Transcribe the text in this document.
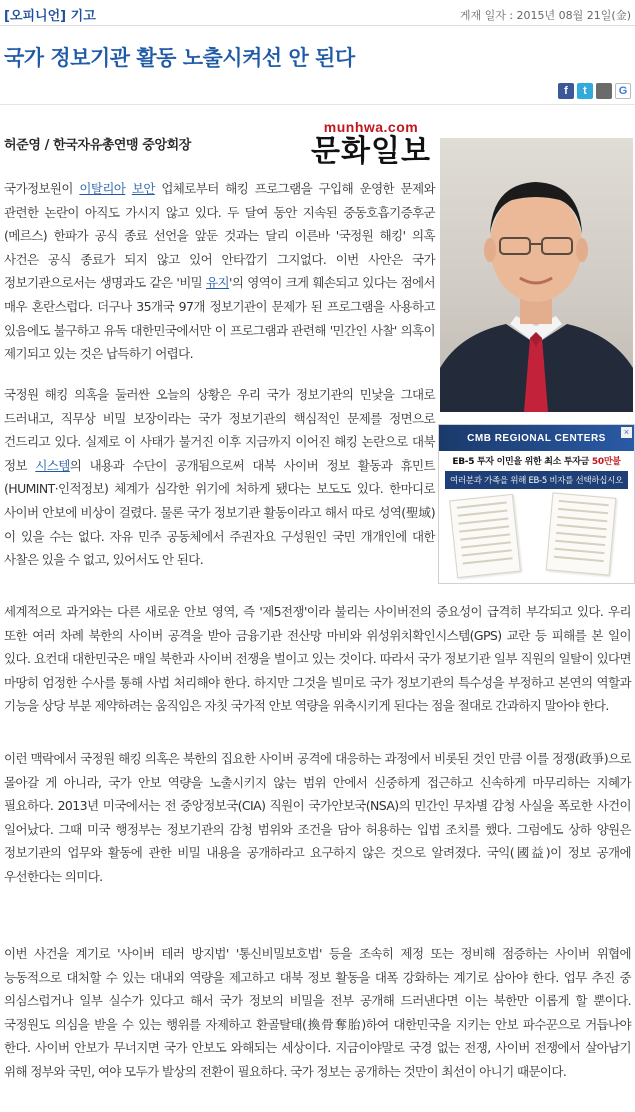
[오피니언] 기고	게재 일자 : 2015년 08월 21일(金)
국가 정보기관 활동 노출시켜선 안 된다
f	t	G
허준영 / 한국자유총연맹 중앙회장
munhwa.com
문화일보
×
CMB REGIONAL CENTERS
EB-5 투자 이민을 위한 최소 투자금 50만불
여러분과 가족을 위해 EB-5 비자를 선택하십시오

국가정보원이 이탈리아 보안 업체로부터 해킹 프로그램을 구입해 운영한 문제와 관련한 논란이 아직도 가시지 않고 있다. 두 달여 동안 지속된 중동호흡기증후군(메르스) 한파가 공식 종료 선언을 앞둔 것과는 달리 이른바 '국정원 해킹' 의혹 사건은 공식 종료가 되지 않고 있어 안타깝기 그지없다. 이번 사안은 국가 정보기관으로서는 생명과도 같은 '비밀 유지'의 영역이 크게 훼손되고 있다는 점에서 매우 혼란스럽다. 더구나 35개국 97개 정보기관이 문제가 된 프로그램을 사용하고 있음에도 불구하고 유독 대한민국에서만 이 프로그램과 관련해 '민간인 사찰' 의혹이 제기되고 있는 것은 납득하기 어렵다.

국정원 해킹 의혹을 둘러싼 오늘의 상황은 우리 국가 정보기관의 민낯을 그대로 드러내고, 직무상 비밀 보장이라는 국가 정보기관의 핵심적인 문제를 정면으로 건드리고 있다. 실제로 이 사태가 불거진 이후 지금까지 이어진 해킹 논란으로 대북 정보 시스템의 내용과 수단이 공개됨으로써 대북 사이버 정보 활동과 휴민트(HUMINT·인적정보) 체계가 심각한 위기에 처하게 됐다는 보도도 있다. 한마디로 사이버 안보에 비상이 걸렸다. 물론 국가 정보기관 활동이라고 해서 따로 성역(聖域)이 있을 수는 없다. 자유 민주 공동체에서 주권자요 구성원인 국민 개개인에 대한 사찰은 있을 수 없고, 있어서도 안 된다.

세계적으로 과거와는 다른 새로운 안보 영역, 즉 '제5전쟁'이라 불리는 사이버전의 중요성이 급격히 부각되고 있다. 우리 또한 여러 차례 북한의 사이버 공격을 받아 금융기관 전산망 마비와 위성위치확인시스템(GPS) 교란 등 피해를 본 일이 있다. 요컨대 대한민국은 매일 북한과 사이버 전쟁을 벌이고 있는 것이다. 따라서 국가 정보기관 일부 직원의 일탈이 있다면 마땅히 엄정한 수사를 통해 사법 처리해야 한다. 하지만 그것을 빌미로 국가 정보기관의 특수성을 부정하고 본연의 역할과 기능을 상당 부분 제약하려는 움직임은 자칫 국가적 안보 역량을 위축시키게 된다는 점을 절대로 간과하지 말아야 한다.

이런 맥락에서 국정원 해킹 의혹은 북한의 집요한 사이버 공격에 대응하는 과정에서 비롯된 것인 만큼 이를 정쟁(政爭)으로 몰아갈 게 아니라, 국가 안보 역량을 노출시키지 않는 범위 안에서 신중하게 접근하고 신속하게 마무리하는 지혜가 필요하다. 2013년 미국에서는 전 중앙정보국(CIA) 직원이 국가안보국(NSA)의 민간인 무차별 감청 사실을 폭로한 사건이 일어났다. 그때 미국 행정부는 정보기관의 감청 범위와 조건을 담아 허용하는 입법 조치를 했다. 그럼에도 상하 양원은 정보기관의 업무와 활동에 관한 비밀 내용을 공개하라고 요구하지 않은 것으로 알려졌다. 국익(國益)이 정보 공개에 우선한다는 의미다.

이번 사건을 계기로 '사이버 테러 방지법' '통신비밀보호법' 등을 조속히 제정 또는 정비해 점증하는 사이버 위협에 능동적으로 대처할 수 있는 대내외 역량을 제고하고 대북 정보 활동을 대폭 강화하는 계기로 삼아야 한다. 업무 추진 중 의심스럽거나 일부 실수가 있다고 해서 국가 정보의 비밀을 전부 공개해 드러낸다면 이는 북한만 이롭게 할 뿐이다. 국정원도 의심을 받을 수 있는 행위를 자제하고 환골탈태(換骨奪胎)하여 대한민국을 지키는 안보 파수꾼으로 거듭나야 한다. 사이버 안보가 무너지면 국가 안보도 와해되는 세상이다. 지금이야말로 국경 없는 전쟁, 사이버 전쟁에서 살아남기 위해 정부와 국민, 여야 모두가 발상의 전환이 필요하다. 국가 정보는 공개하는 것만이 최선이 아니기 때문이다.
